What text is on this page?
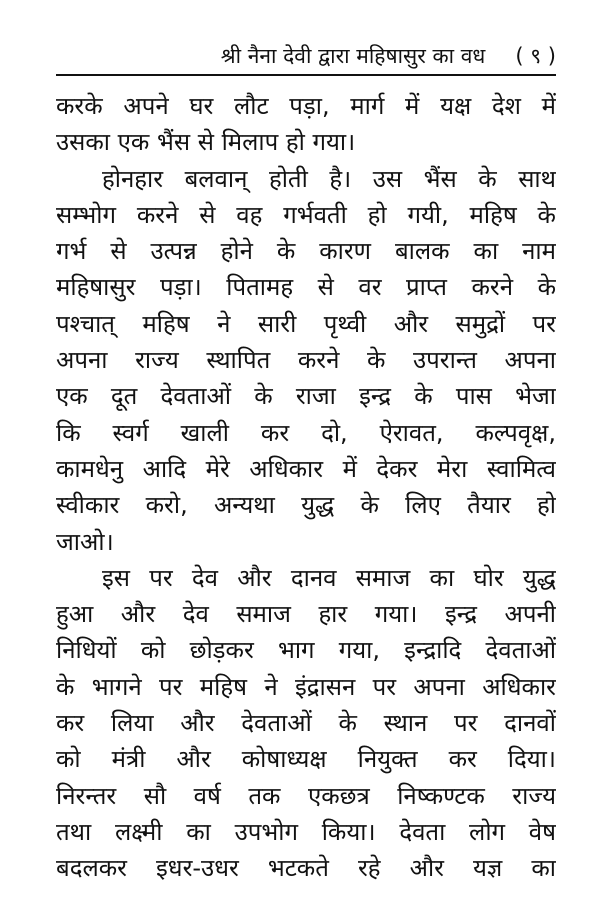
श्री नैना देवी द्वारा महिषासुर का वध ( ९ )

करके अपने घर लौट पड़ा, मार्ग में यक्ष देश में
उसका एक भैंस से मिलाप हो गया।

होनहार बलवान् होती है। उस भैंस के साथ
सम्भोग करने से वह गर्भवती हो गयी, महिष के
गर्भ से उत्पन्न होने के कारण बालक का नाम
महिषासुर पड़ा। पितामह से वर प्राप्त करने के
पश्चात् महिष ने सारी पृथ्वी और समुद्रों पर
अपना राज्य स्थापित करने के उपरान्त अपना
एक दूत देवताओं के राजा इन्द्र के पास भेजा
कि स्वर्ग खाली कर दो, ऐरावत, कल्पवृक्ष,
कामधेनु आदि मेरे अधिकार में देकर मेरा स्वामित्व
स्वीकार करो, अन्यथा युद्ध के लिए तैयार हो
जाओ।

इस पर देव और दानव समाज का घोर युद्ध
हुआ और देव समाज हार गया। इन्द्र अपनी
निधियों को छोड़कर भाग गया, इन्द्रादि देवताओं
के भागने पर महिष ने इंद्रासन पर अपना अधिकार
कर लिया और देवताओं के स्थान पर दानवों
को मंत्री और कोषाध्यक्ष नियुक्त कर दिया।
निरन्तर सौ वर्ष तक एकछत्र निष्कण्टक राज्य
तथा लक्ष्मी का उपभोग किया। देवता लोग वेष
बदलकर इधर-उधर भटकते रहे और यज्ञ का
